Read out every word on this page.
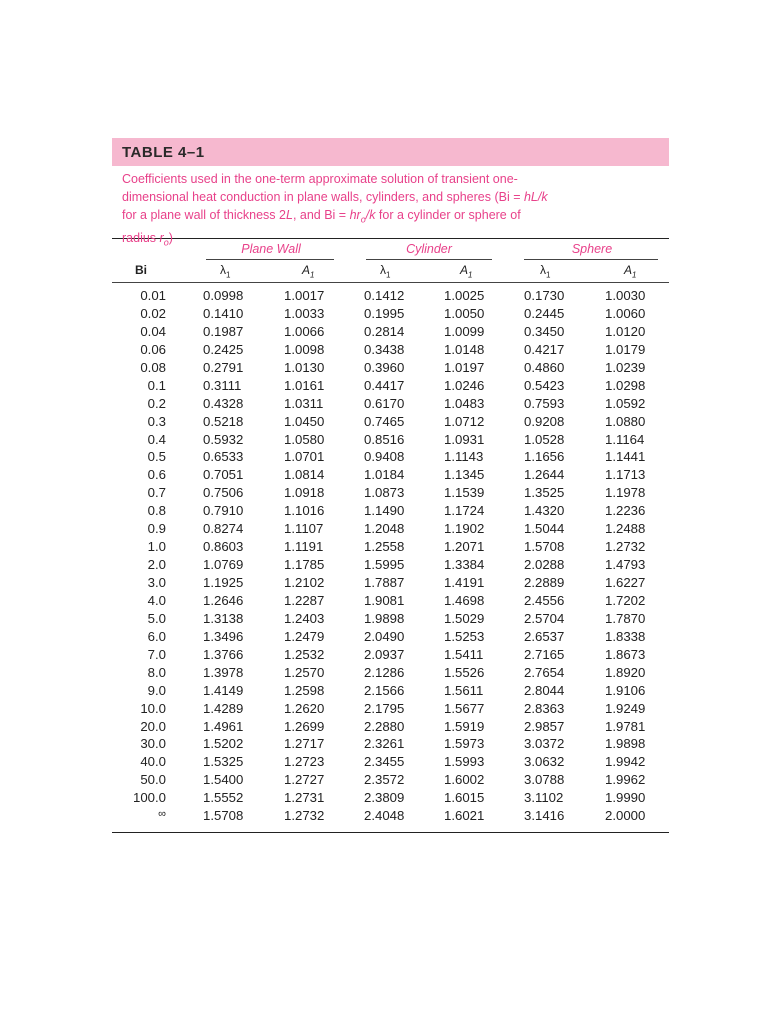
TABLE 4–1
Coefficients used in the one-term approximate solution of transient one-
dimensional heat conduction in plane walls, cylinders, and spheres (Bi = hL/k
for a plane wall of thickness 2L, and $Bi = hr_o/k$ for a cylinder or sphere of
radius $r_o$)
Plane Wall	Cylinder	Sphere
Bi	$\lambda_1$	$A_1$	$\lambda_1$	$A_1$	$\lambda_1$	$A_1$
0.01	0.0998	1.0017	0.1412	1.0025	0.1730	1.0030
0.02	0.1410	1.0033	0.1995	1.0050	0.2445	1.0060
0.04	0.1987	1.0066	0.2814	1.0099	0.3450	1.0120
0.06	0.2425	1.0098	0.3438	1.0148	0.4217	1.0179
0.08	0.2791	1.0130	0.3960	1.0197	0.4860	1.0239
0.1	0.3111	1.0161	0.4417	1.0246	0.5423	1.0298
0.2	0.4328	1.0311	0.6170	1.0483	0.7593	1.0592
0.3	0.5218	1.0450	0.7465	1.0712	0.9208	1.0880
0.4	0.5932	1.0580	0.8516	1.0931	1.0528	1.1164
0.5	0.6533	1.0701	0.9408	1.1143	1.1656	1.1441
0.6	0.7051	1.0814	1.0184	1.1345	1.2644	1.1713
0.7	0.7506	1.0918	1.0873	1.1539	1.3525	1.1978
0.8	0.7910	1.1016	1.1490	1.1724	1.4320	1.2236
0.9	0.8274	1.1107	1.2048	1.1902	1.5044	1.2488
1.0	0.8603	1.1191	1.2558	1.2071	1.5708	1.2732
2.0	1.0769	1.1785	1.5995	1.3384	2.0288	1.4793
3.0	1.1925	1.2102	1.7887	1.4191	2.2889	1.6227
4.0	1.2646	1.2287	1.9081	1.4698	2.4556	1.7202
5.0	1.3138	1.2403	1.9898	1.5029	2.5704	1.7870
6.0	1.3496	1.2479	2.0490	1.5253	2.6537	1.8338
7.0	1.3766	1.2532	2.0937	1.5411	2.7165	1.8673
8.0	1.3978	1.2570	2.1286	1.5526	2.7654	1.8920
9.0	1.4149	1.2598	2.1566	1.5611	2.8044	1.9106
10.0	1.4289	1.2620	2.1795	1.5677	2.8363	1.9249
20.0	1.4961	1.2699	2.2880	1.5919	2.9857	1.9781
30.0	1.5202	1.2717	2.3261	1.5973	3.0372	1.9898
40.0	1.5325	1.2723	2.3455	1.5993	3.0632	1.9942
50.0	1.5400	1.2727	2.3572	1.6002	3.0788	1.9962
100.0	1.5552	1.2731	2.3809	1.6015	3.1102	1.9990
∞	1.5708	1.2732	2.4048	1.6021	3.1416	2.0000
